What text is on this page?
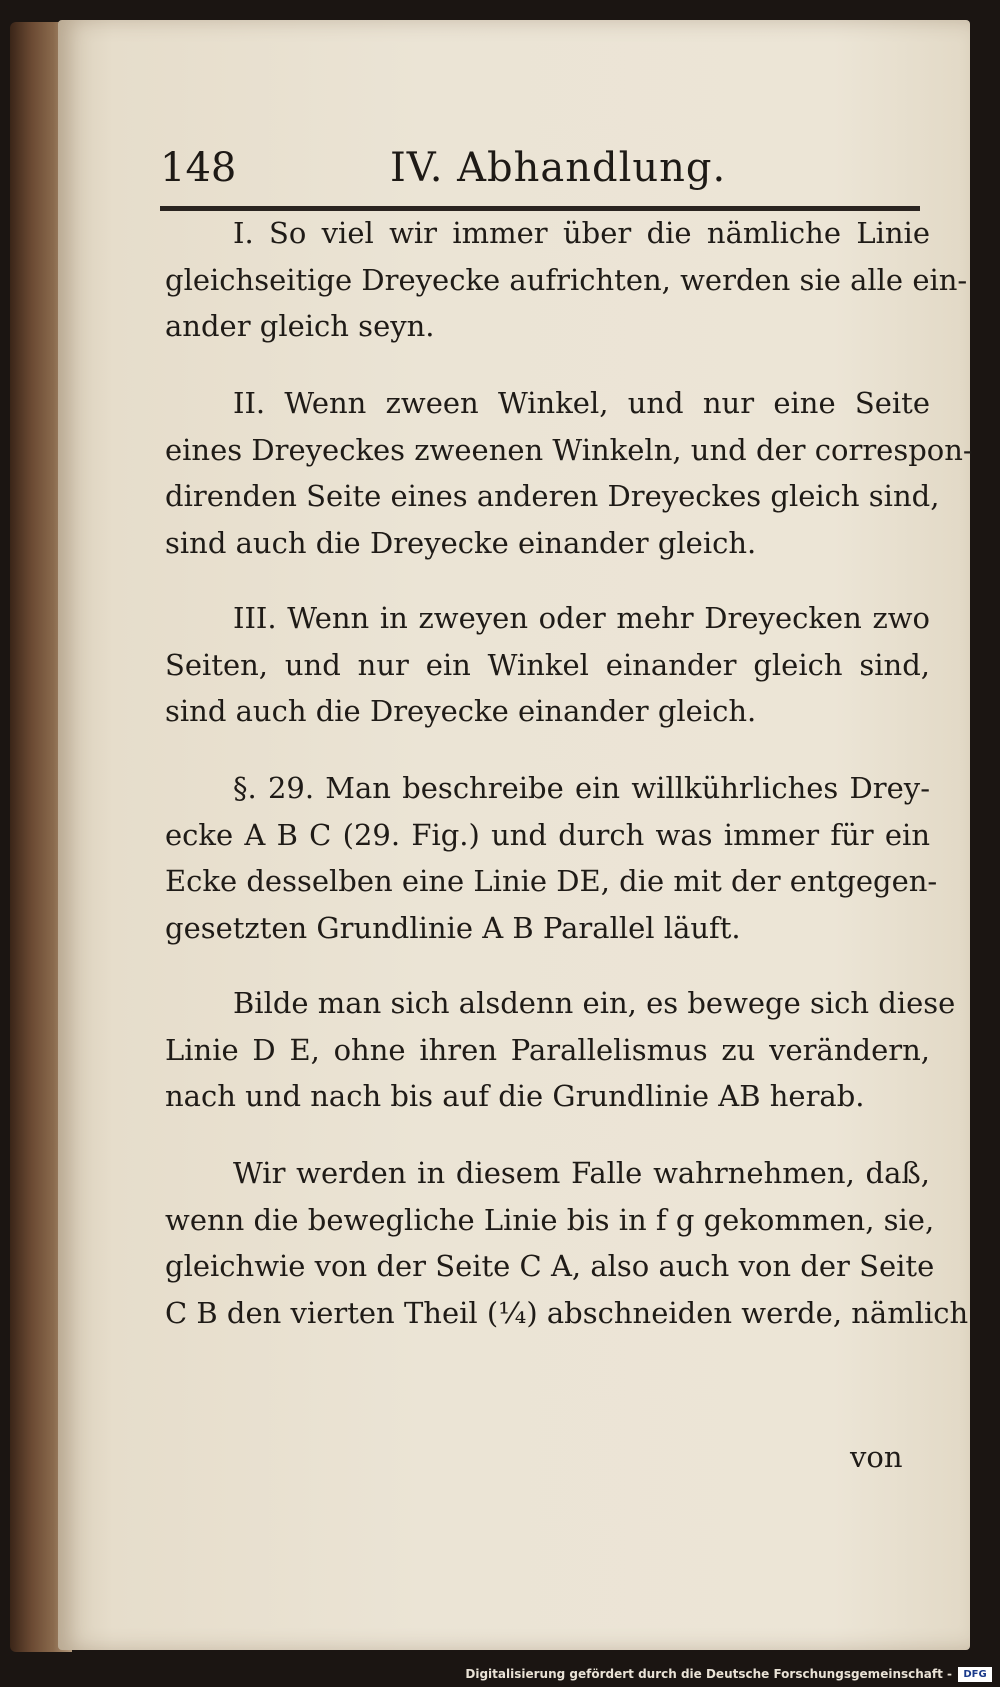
148	IV. Abhandlung.

I. So viel wir immer über die nämliche Linie
gleichseitige Dreyecke aufrichten, werden sie alle ein-
ander gleich seyn.

II. Wenn zween Winkel, und nur eine Seite
eines Dreyeckes zweenen Winkeln, und der correspon-
direnden Seite eines anderen Dreyeckes gleich sind,
sind auch die Dreyecke einander gleich.

III. Wenn in zweyen oder mehr Dreyecken zwo
Seiten, und nur ein Winkel einander gleich sind,
sind auch die Dreyecke einander gleich.

§. 29. Man beschreibe ein willkührliches Drey-
ecke A B C (29. Fig.) und durch was immer für ein
Ecke desselben eine Linie DE, die mit der entgegen-
gesetzten Grundlinie A B Parallel läuft.

Bilde man sich alsdenn ein, es bewege sich diese
Linie D E, ohne ihren Parallelismus zu verändern,
nach und nach bis auf die Grundlinie AB herab.

Wir werden in diesem Falle wahrnehmen, daß,
wenn die bewegliche Linie bis in f g gekommen, sie,
gleichwie von der Seite C A, also auch von der Seite
C B den vierten Theil (¼) abschneiden werde, nämlich

von
Digitalisierung gefördert durch die Deutsche Forschungsgemeinschaft -	DFG
